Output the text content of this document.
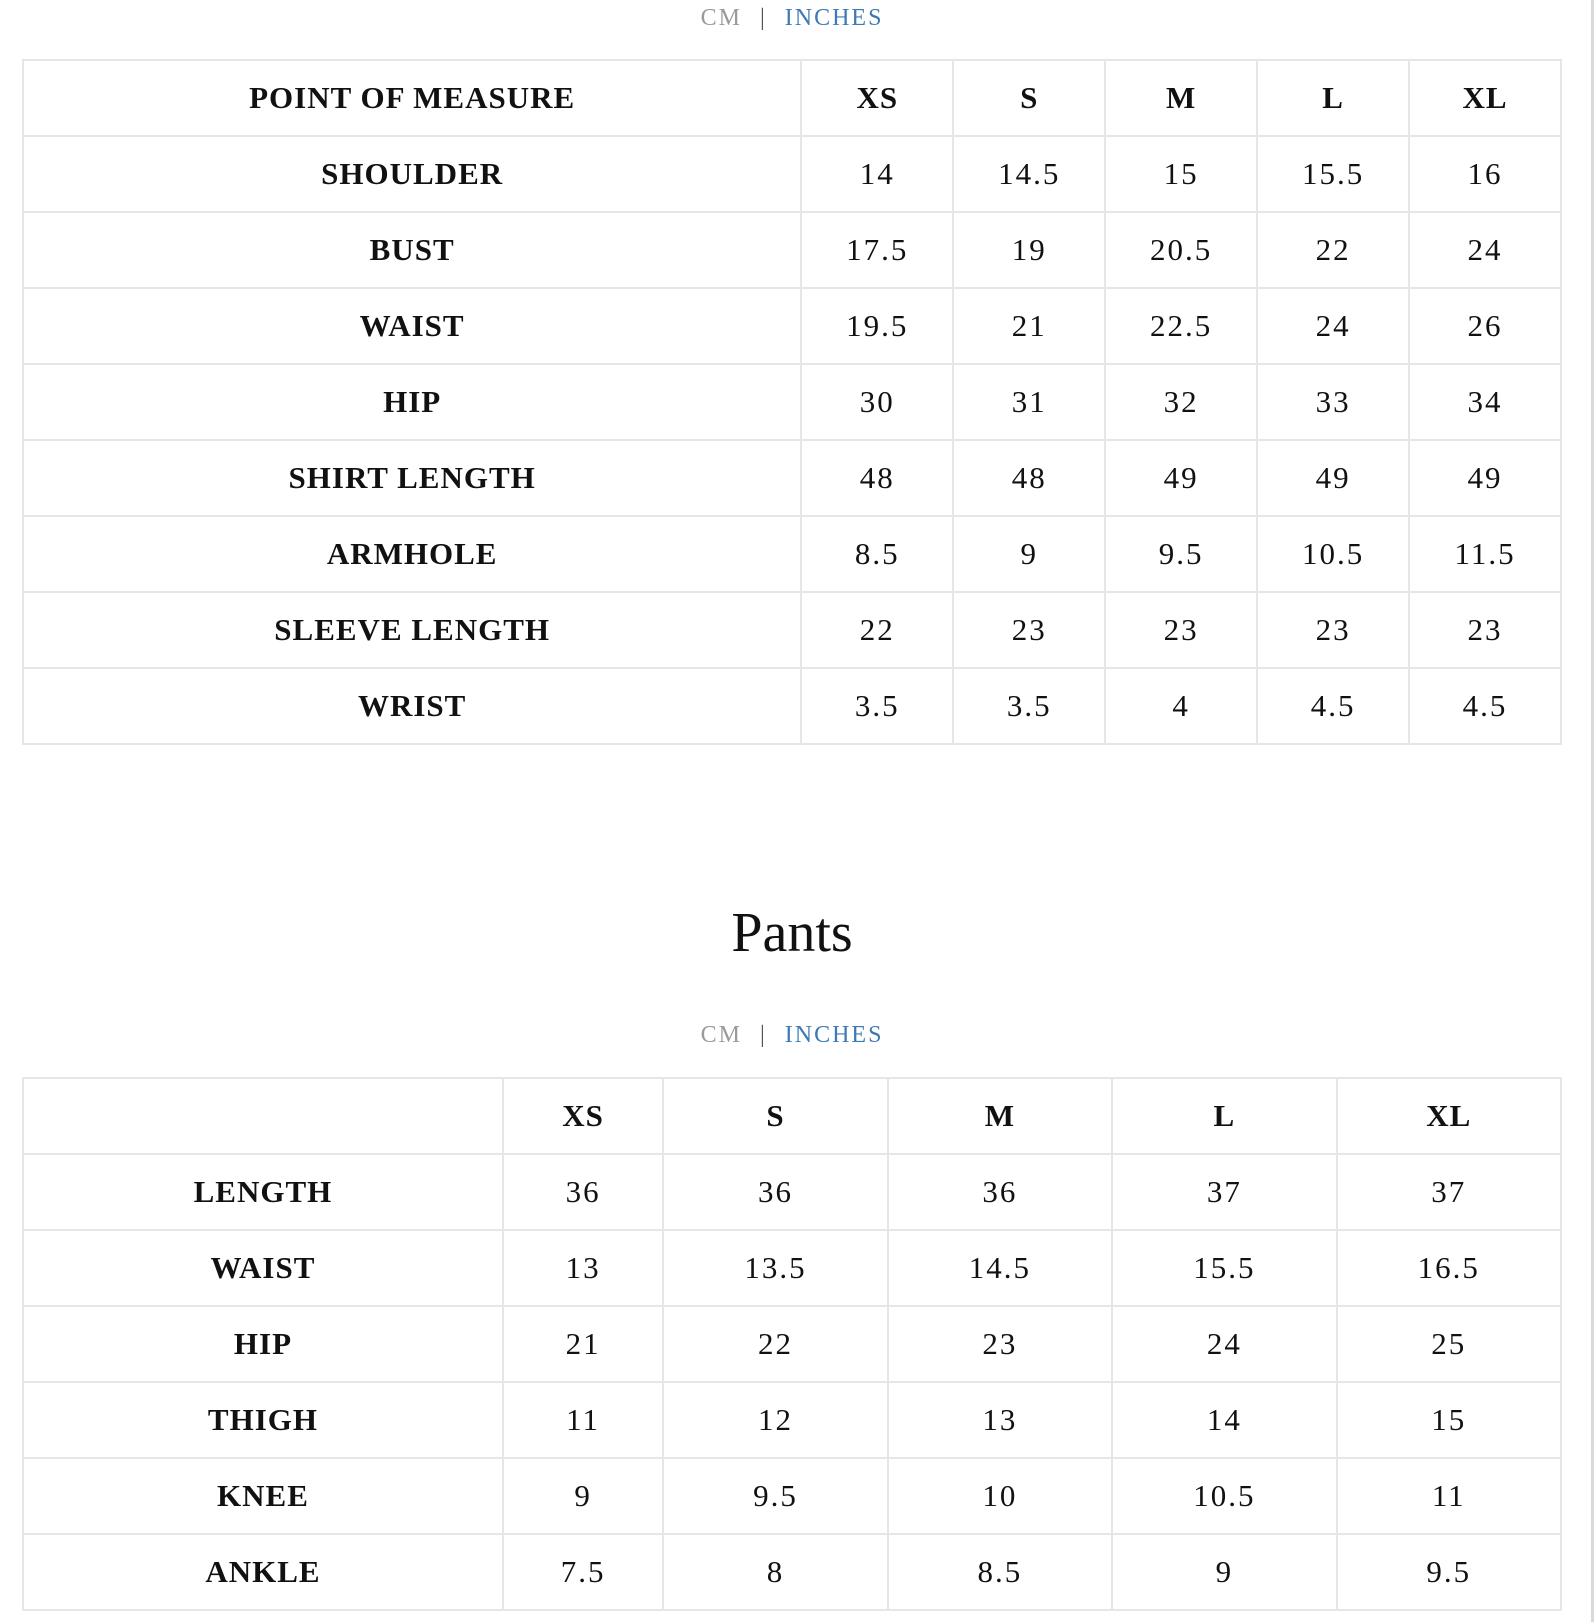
CM | INCHES
POINT OF MEASURE	XS	S	M	L	XL
SHOULDER	14	14.5	15	15.5	16
BUST	17.5	19	20.5	22	24
WAIST	19.5	21	22.5	24	26
HIP	30	31	32	33	34
SHIRT LENGTH	48	48	49	49	49
ARMHOLE	8.5	9	9.5	10.5	11.5
SLEEVE LENGTH	22	23	23	23	23
WRIST	3.5	3.5	4	4.5	4.5
Pants
CM | INCHES
	XS	S	M	L	XL
LENGTH	36	36	36	37	37
WAIST	13	13.5	14.5	15.5	16.5
HIP	21	22	23	24	25
THIGH	11	12	13	14	15
KNEE	9	9.5	10	10.5	11
ANKLE	7.5	8	8.5	9	9.5
